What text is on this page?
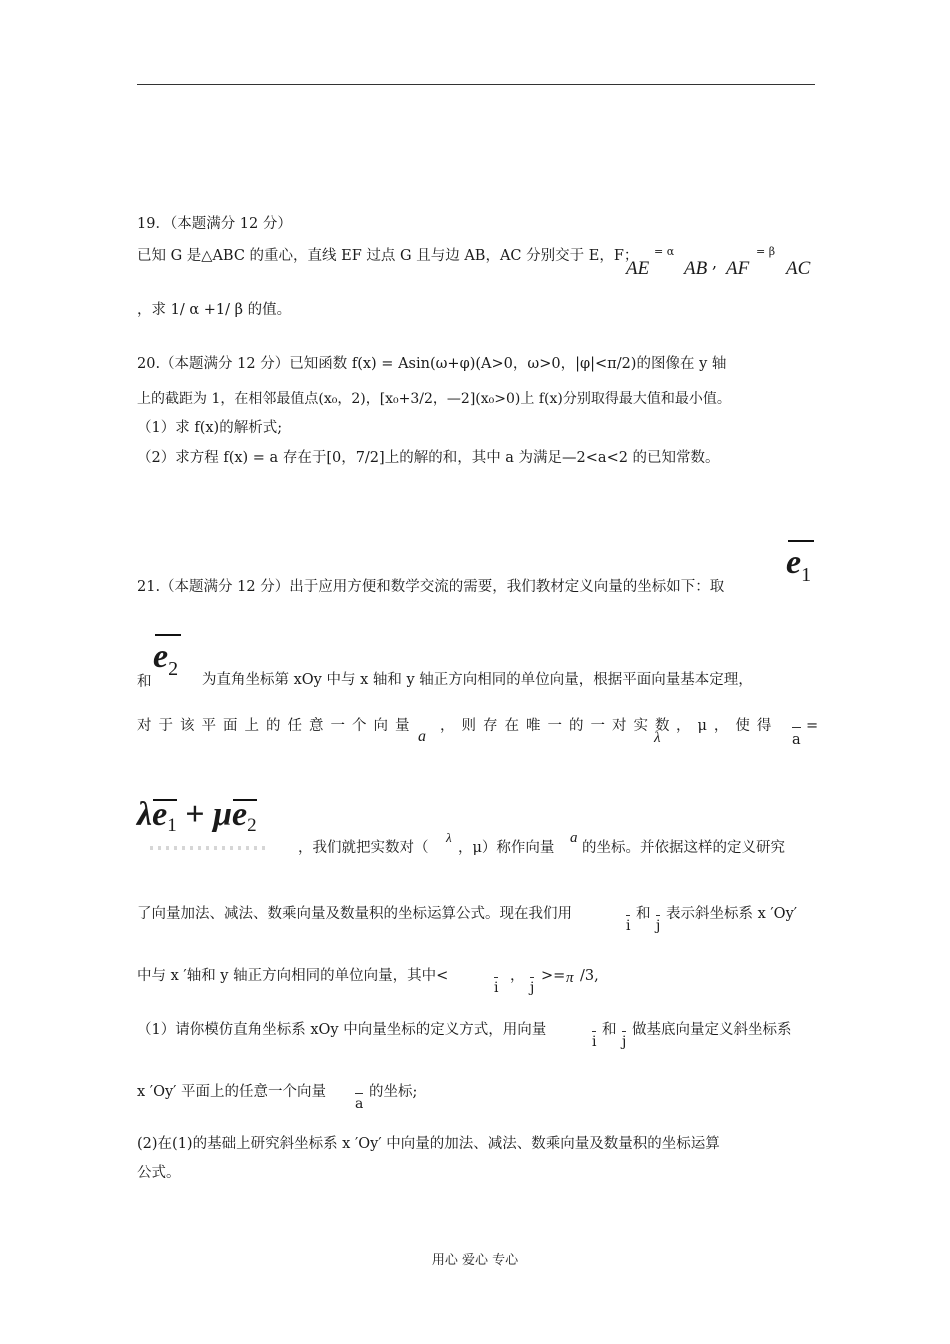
19．（本题满分 12 分）
已知 G 是△ABC 的重心，直线 EF 过点 G 且与边 AB，AC 分别交于 E，F；	= α
AE AB , AF
= β
AC
，求 1/ α +1/ β 的值。
20.（本题满分 12 分）已知函数 f(x) = Asin(ω+φ)(A>0，ω>0，|φ|<π/2)的图像在 y 轴
上的截距为 1，在相邻最值点(x₀，2)，[x₀+3/2，—2](x₀>0)上 f(x)分别取得最大值和最小值。
（1）求 f(x)的解析式;
（2）求方程 f(x) = a 存在于[0，7/2]上的解的和，其中 a 为满足—2<a<2 的已知常数。
$e_1$
21.（本题满分 12 分）出于应用方便和数学交流的需要，我们教材定义向量的坐标如下：取
$e_2$
和	为直角坐标第 xOy 中与 x 轴和 y 轴正方向相同的单位向量，根据平面向量基本定理，
对于该平面上的任意一个向量
a
，则存在唯一的一对实数
λ
，μ，使得
a
=
$\lambda e_1 + \mu e_2$
，我们就把实数对（
λ
，μ）称作向量
a
的坐标。并依据这样的定义研究
了向量加法、减法、数乘向量及数量积的坐标运算公式。现在我们用
i
和
j
表示斜坐标系 x ′Oy′
中与 x ′轴和 y 轴正方向相同的单位向量，其中<
i
，
j
>= π /3,
（1）请你模仿直角坐标系 xOy 中向量坐标的定义方式，用向量
i
和
j
做基底向量定义斜坐标系
x ′Oy′ 平面上的任意一个向量
a
的坐标;
(2)在(1)的基础上研究斜坐标系 x ′Oy′ 中向量的加法、减法、数乘向量及数量积的坐标运算
公式。
用心 爱心 专心
